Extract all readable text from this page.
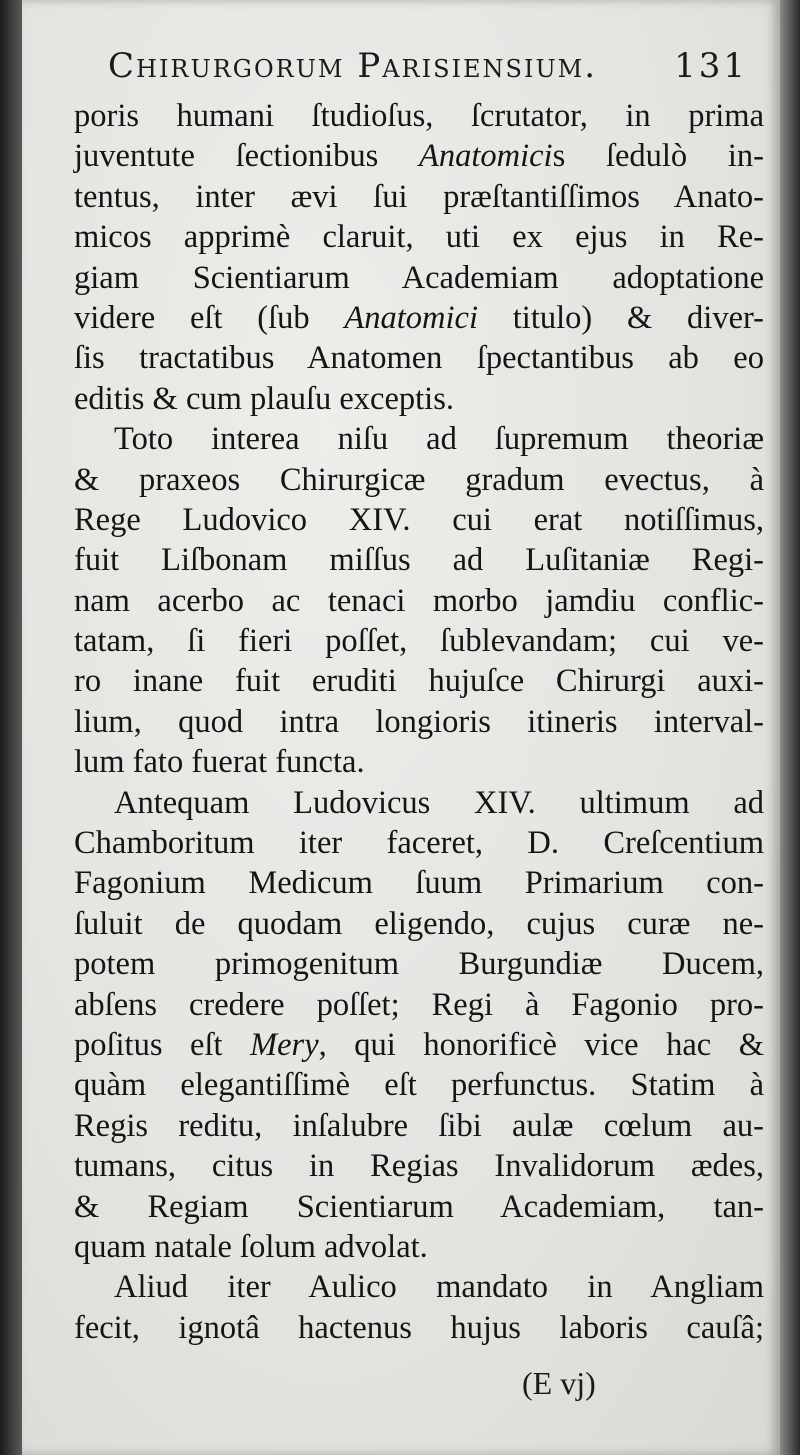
Chirurgorum Parisiensium. 131
poris humani ſtudioſus, ſcrutator, in prima
juventute ſectionibus Anatomicis ſedulò in-
tentus, inter ævi ſui præſtantiſſimos Anato-
micos apprimè claruit, uti ex ejus in Re-
giam Scientiarum Academiam adoptatione
videre eſt (ſub Anatomici titulo) & diver-
ſis tractatibus Anatomen ſpectantibus ab eo
editis & cum plauſu exceptis.
Toto interea niſu ad ſupremum theoriæ
& praxeos Chirurgicæ gradum evectus, à
Rege Ludovico XIV. cui erat notiſſimus,
fuit Liſbonam miſſus ad Luſitaniæ Regi-
nam acerbo ac tenaci morbo jamdiu conflic-
tatam, ſi fieri poſſet, ſublevandam; cui ve-
ro inane fuit eruditi hujuſce Chirurgi auxi-
lium, quod intra longioris itineris interval-
lum fato fuerat functa.
Antequam Ludovicus XIV. ultimum ad
Chamboritum iter faceret, D. Creſcentium
Fagonium Medicum ſuum Primarium con-
ſuluit de quodam eligendo, cujus curæ ne-
potem primogenitum Burgundiæ Ducem,
abſens credere poſſet; Regi à Fagonio pro-
poſitus eſt Mery, qui honorificè vice hac &
quàm elegantiſſimè eſt perfunctus. Statim à
Regis reditu, inſalubre ſibi aulæ cœlum au-
tumans, citus in Regias Invalidorum ædes,
& Regiam Scientiarum Academiam, tan-
quam natale ſolum advolat.
Aliud iter Aulico mandato in Angliam
fecit, ignotâ hactenus hujus laboris cauſâ;
(E vj)
